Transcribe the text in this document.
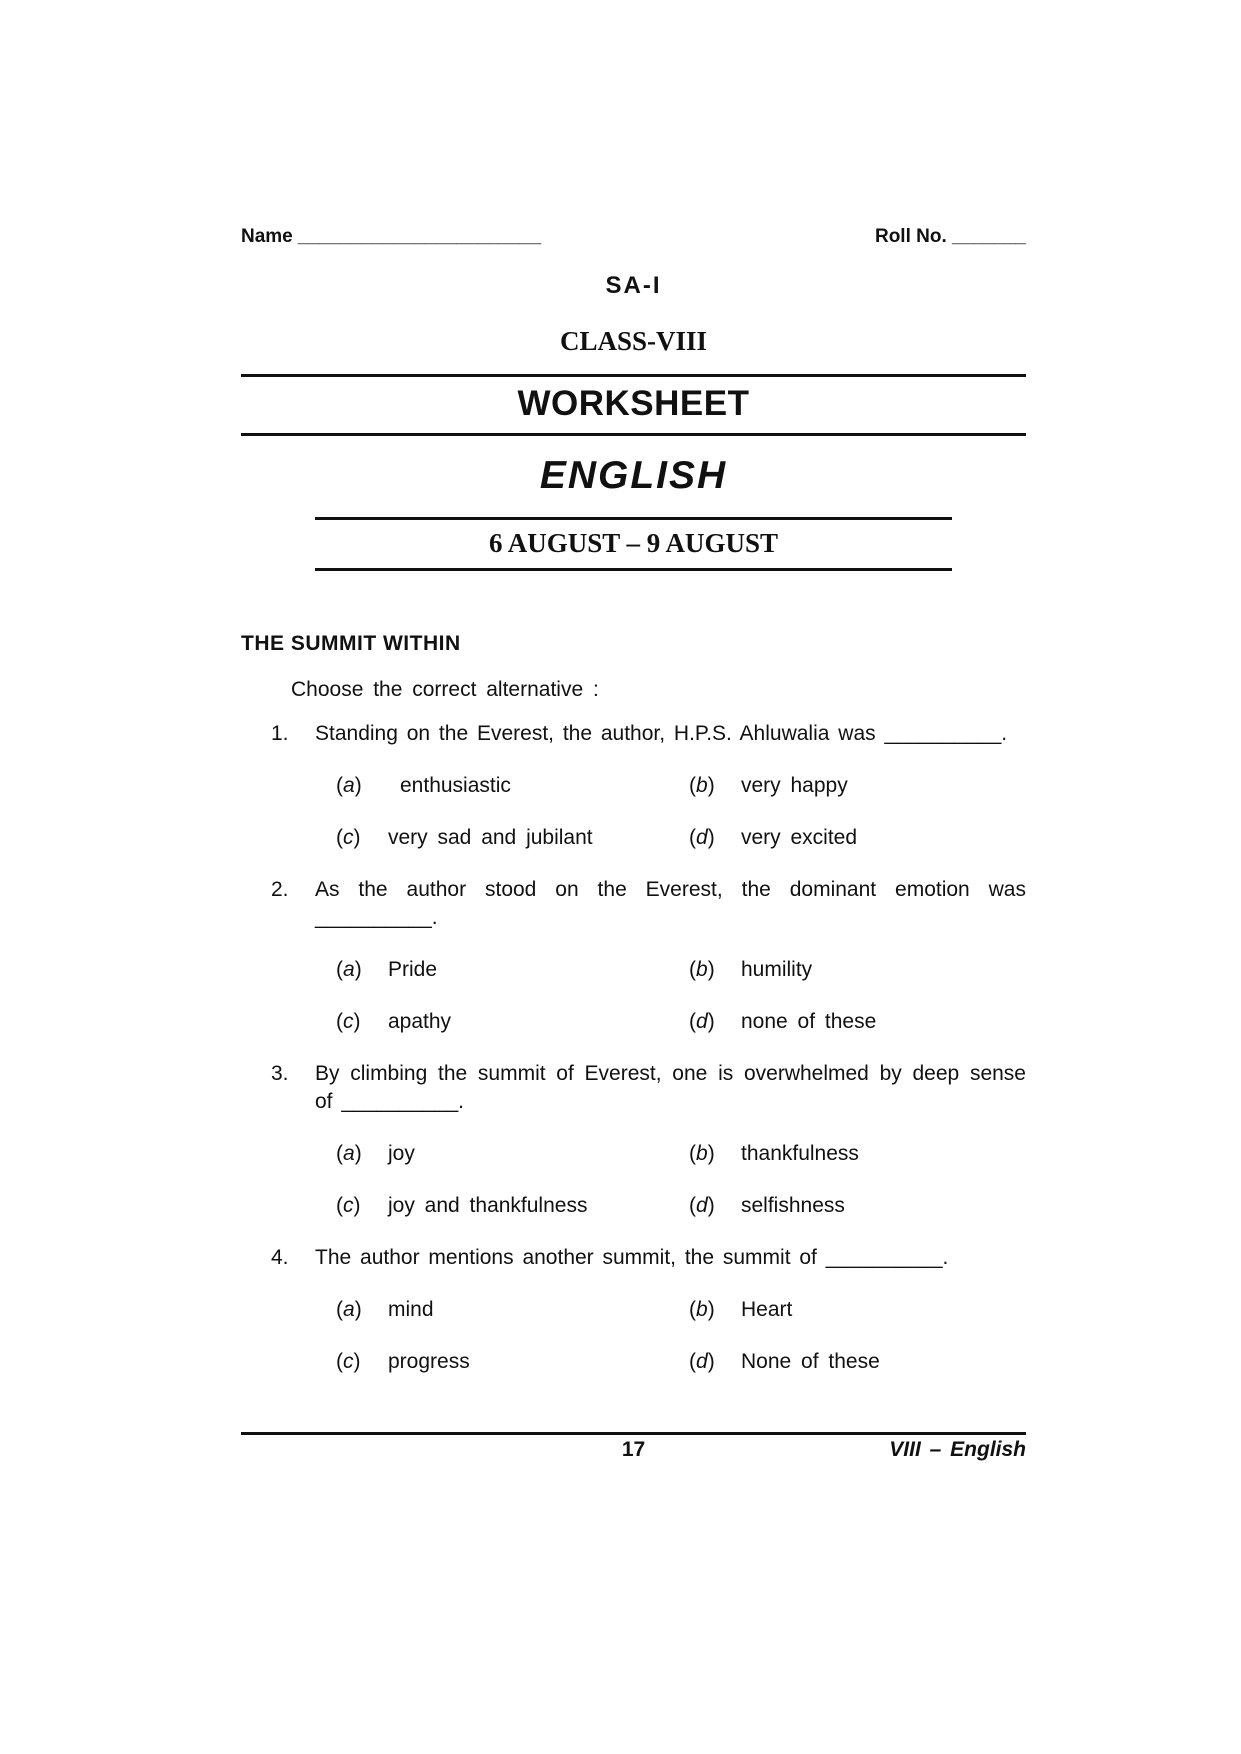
Name _______________________	Roll No. _______
SA-I
CLASS-VIII
WORKSHEET
ENGLISH
6 AUGUST – 9 AUGUST
THE SUMMIT WITHIN
Choose the correct alternative :
1. Standing on the Everest, the author, H.P.S. Ahluwalia was __________.
(a) enthusiastic	(b) very happy
(c) very sad and jubilant	(d) very excited
2. As the author stood on the Everest, the dominant emotion was __________.
(a) Pride	(b) humility
(c) apathy	(d) none of these
3. By climbing the summit of Everest, one is overwhelmed by deep sense of __________.
(a) joy	(b) thankfulness
(c) joy and thankfulness	(d) selfishness
4. The author mentions another summit, the summit of __________.
(a) mind	(b) Heart
(c) progress	(d) None of these
17	VIII – English
